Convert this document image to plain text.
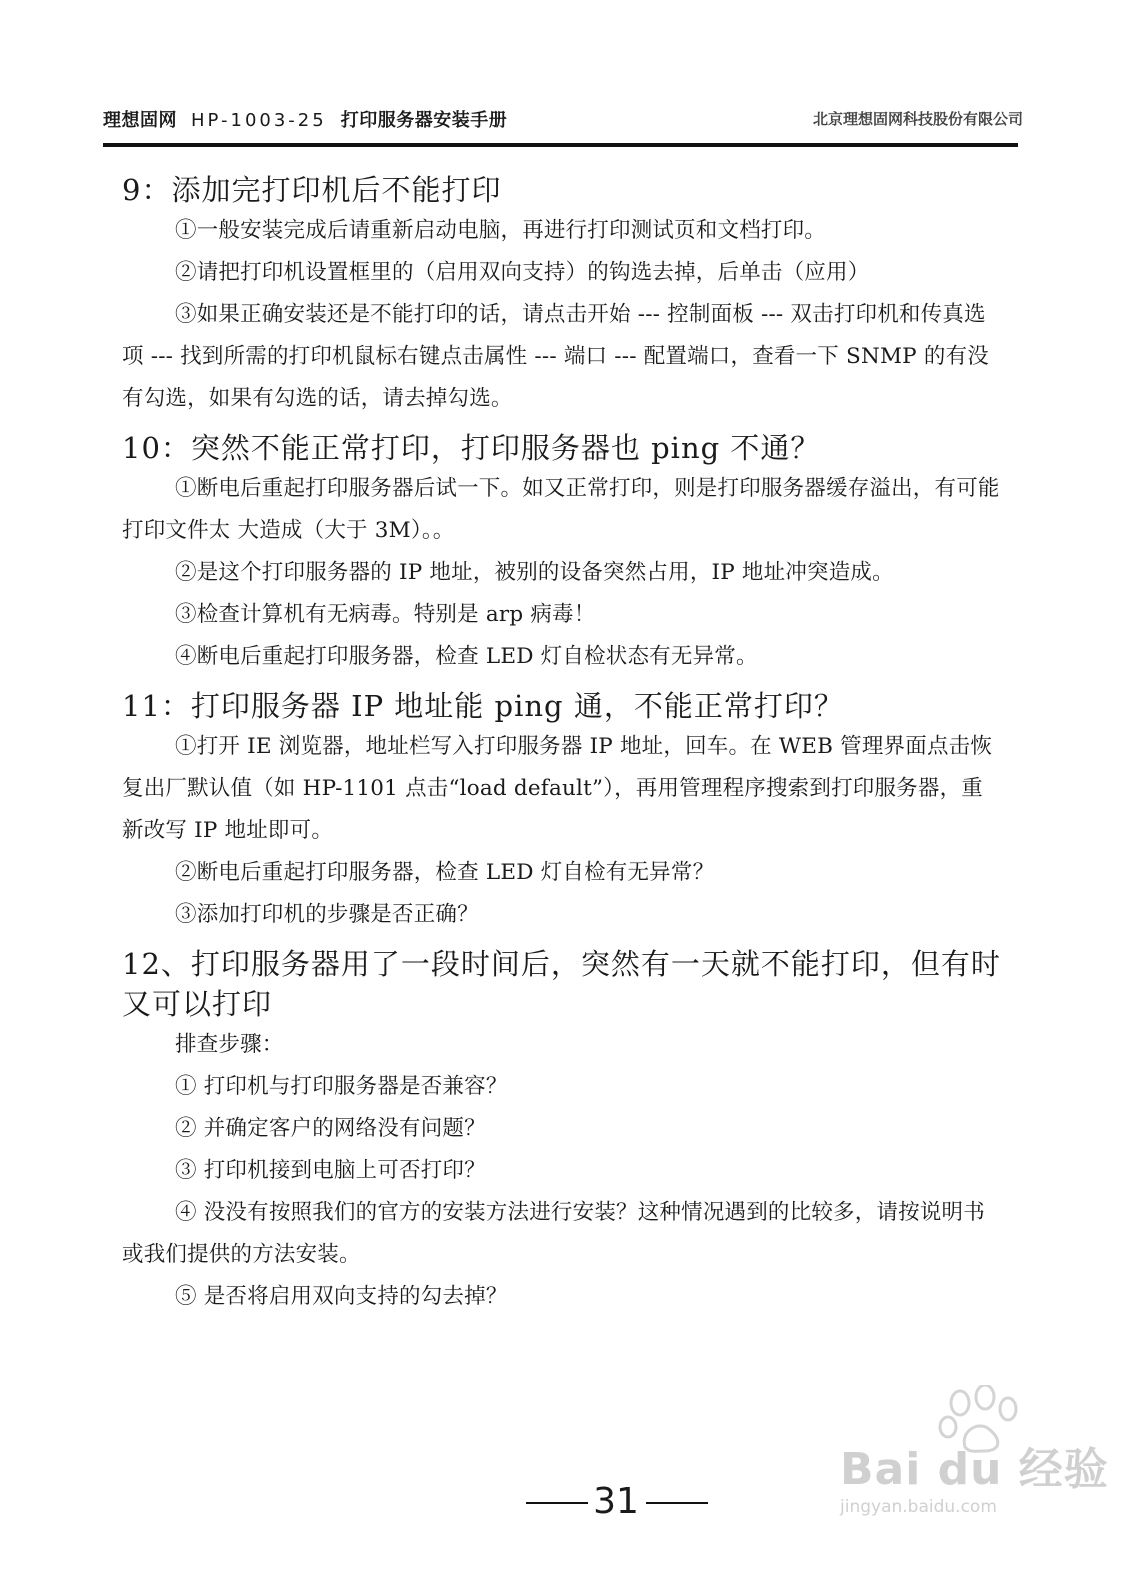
理想固网 HP-1003-25 打印服务器安装手册	北京理想固网科技股份有限公司
9：添加完打印机后不能打印

①一般安装完成后请重新启动电脑，再进行打印测试页和文档打印。

②请把打印机设置框里的（启用双向支持）的钩选去掉，后单击（应用）

③如果正确安装还是不能打印的话，请点击开始 --- 控制面板 --- 双击打印机和传真选项 --- 找到所需的打印机鼠标右键点击属性 --- 端口 --- 配置端口，查看一下 SNMP 的有没有勾选，如果有勾选的话，请去掉勾选。

10：突然不能正常打印，打印服务器也 ping 不通？

①断电后重起打印服务器后试一下。如又正常打印，则是打印服务器缓存溢出，有可能打印文件太 大造成（大于 3M）。。

②是这个打印服务器的 IP 地址，被别的设备突然占用，IP 地址冲突造成。

③检查计算机有无病毒。特别是 arp 病毒！

④断电后重起打印服务器，检查 LED 灯自检状态有无异常。

11：打印服务器 IP 地址能 ping 通，不能正常打印？

①打开 IE 浏览器，地址栏写入打印服务器 IP 地址，回车。在 WEB 管理界面点击恢复出厂默认值（如 HP-1101 点击“load default”），再用管理程序搜索到打印服务器，重新改写 IP 地址即可。

②断电后重起打印服务器，检查 LED 灯自检有无异常？

③添加打印机的步骤是否正确？

12、打印服务器用了一段时间后，突然有一天就不能打印，但有时又可以打印

排查步骤：

① 打印机与打印服务器是否兼容？

② 并确定客户的网络没有问题？

③ 打印机接到电脑上可否打印？

④ 没没有按照我们的官方的安装方法进行安装？这种情况遇到的比较多，请按说明书或我们提供的方法安装。

⑤ 是否将启用双向支持的勾去掉？

31
Bai du 经验
jingyan.baidu.com
